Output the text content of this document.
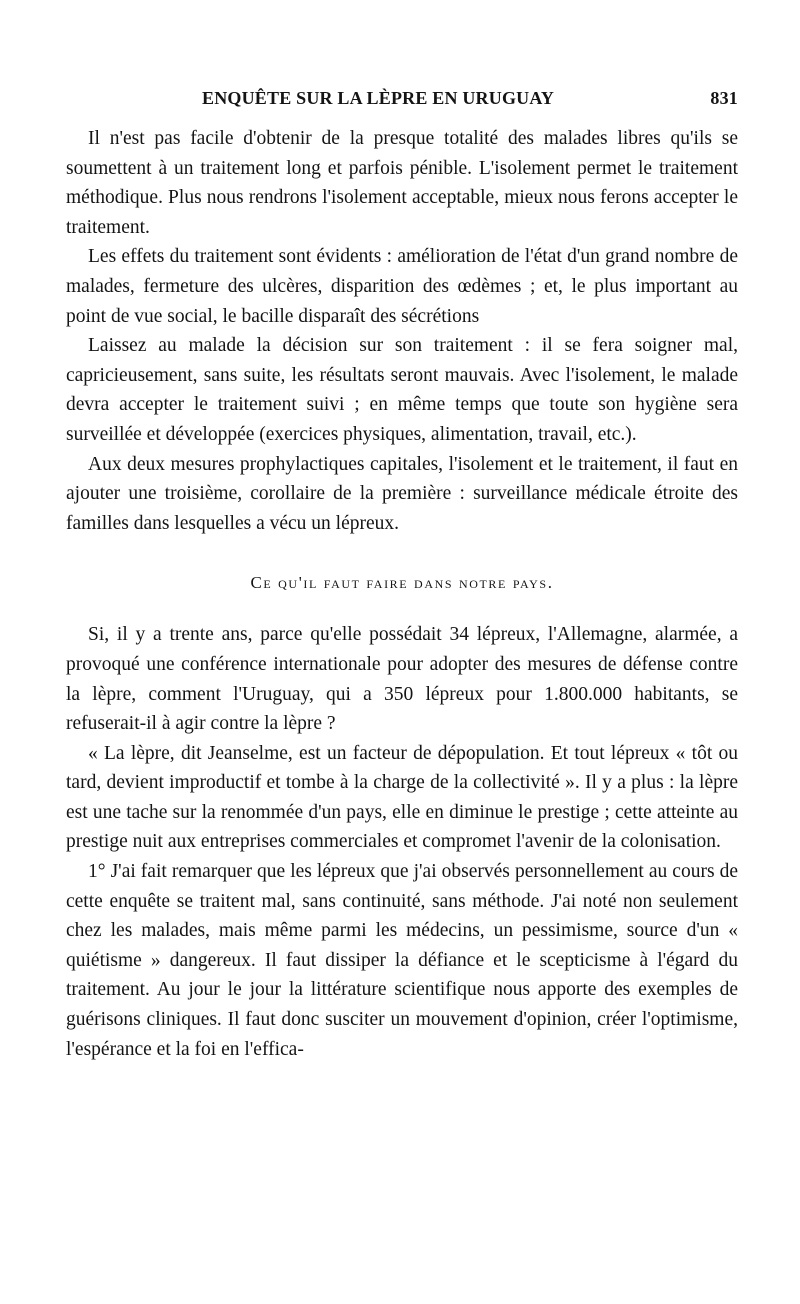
ENQUÊTE SUR LA LÈPRE EN URUGUAY	831

Il n'est pas facile d'obtenir de la presque totalité des malades libres qu'ils se soumettent à un traitement long et parfois pénible. L'isolement permet le traitement méthodique. Plus nous rendrons l'isolement acceptable, mieux nous ferons accepter le traitement.

Les effets du traitement sont évidents : amélioration de l'état d'un grand nombre de malades, fermeture des ulcères, disparition des œdèmes ; et, le plus important au point de vue social, le bacille disparaît des sécrétions

Laissez au malade la décision sur son traitement : il se fera soigner mal, capricieusement, sans suite, les résultats seront mauvais. Avec l'isolement, le malade devra accepter le traitement suivi ; en même temps que toute son hygiène sera surveillée et développée (exercices physiques, alimentation, travail, etc.).

Aux deux mesures prophylactiques capitales, l'isolement et le traitement, il faut en ajouter une troisième, corollaire de la première : surveillance médicale étroite des familles dans lesquelles a vécu un lépreux.

Ce qu'il faut faire dans notre pays.

Si, il y a trente ans, parce qu'elle possédait 34 lépreux, l'Allemagne, alarmée, a provoqué une conférence internationale pour adopter des mesures de défense contre la lèpre, comment l'Uruguay, qui a 350 lépreux pour 1.800.000 habitants, se refuserait-il à agir contre la lèpre ?

« La lèpre, dit Jeanselme, est un facteur de dépopulation. Et tout lépreux « tôt ou tard, devient improductif et tombe à la charge de la collectivité ». Il y a plus : la lèpre est une tache sur la renommée d'un pays, elle en diminue le prestige ; cette atteinte au prestige nuit aux entreprises commerciales et compromet l'avenir de la colonisation.

1° J'ai fait remarquer que les lépreux que j'ai observés personnellement au cours de cette enquête se traitent mal, sans continuité, sans méthode. J'ai noté non seulement chez les malades, mais même parmi les médecins, un pessimisme, source d'un « quiétisme » dangereux. Il faut dissiper la défiance et le scepticisme à l'égard du traitement. Au jour le jour la littérature scientifique nous apporte des exemples de guérisons cliniques. Il faut donc susciter un mouvement d'opinion, créer l'optimisme, l'espérance et la foi en l'effica-
